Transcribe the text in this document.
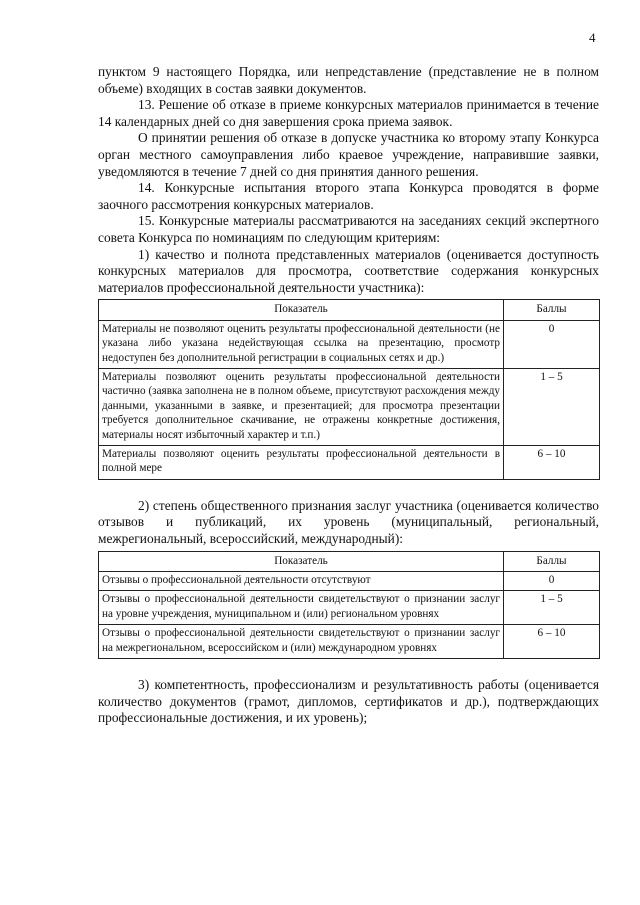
4

пунктом 9 настоящего Порядка, или непредставление (представление не в полном объеме) входящих в состав заявки документов.

13. Решение об отказе в приеме конкурсных материалов принимается в течение 14 календарных дней со дня завершения срока приема заявок.

О принятии решения об отказе в допуске участника ко второму этапу Конкурса орган местного самоуправления либо краевое учреждение, направившие заявки, уведомляются в течение 7 дней со дня принятия данного решения.

14. Конкурсные испытания второго этапа Конкурса проводятся в форме заочного рассмотрения конкурсных материалов.

15. Конкурсные материалы рассматриваются на заседаниях секций экспертного совета Конкурса по номинациям по следующим критериям:

1) качество и полнота представленных материалов (оценивается доступность конкурсных материалов для просмотра, соответствие содержания конкурсных материалов профессиональной деятельности участника):

Показатель	Баллы
Материалы не позволяют оценить результаты профессиональной деятельности (не указана либо указана недействующая ссылка на презентацию, просмотр недоступен без дополнительной регистрации в социальных сетях и др.)	0
Материалы позволяют оценить результаты профессиональной деятельности частично (заявка заполнена не в полном объеме, присутствуют расхождения между данными, указанными в заявке, и презентацией; для просмотра презентации требуется дополнительное скачивание, не отражены конкретные достижения, материалы носят избыточный характер и т.п.)	1 – 5
Материалы позволяют оценить результаты профессиональной деятельности в полной мере	6 – 10

2) степень общественного признания заслуг участника (оценивается количество отзывов и публикаций, их уровень (муниципальный, региональный, межрегиональный, всероссийский, международный):

Показатель	Баллы
Отзывы о профессиональной деятельности отсутствуют	0
Отзывы о профессиональной деятельности свидетельствуют о признании заслуг на уровне учреждения, муниципальном и (или) региональном уровнях	1 – 5
Отзывы о профессиональной деятельности свидетельствуют о признании заслуг на межрегиональном, всероссийском и (или) международном уровнях	6 – 10

3) компетентность, профессионализм и результативность работы (оценивается количество документов (грамот, дипломов, сертификатов и др.), подтверждающих профессиональные достижения, и их уровень);
